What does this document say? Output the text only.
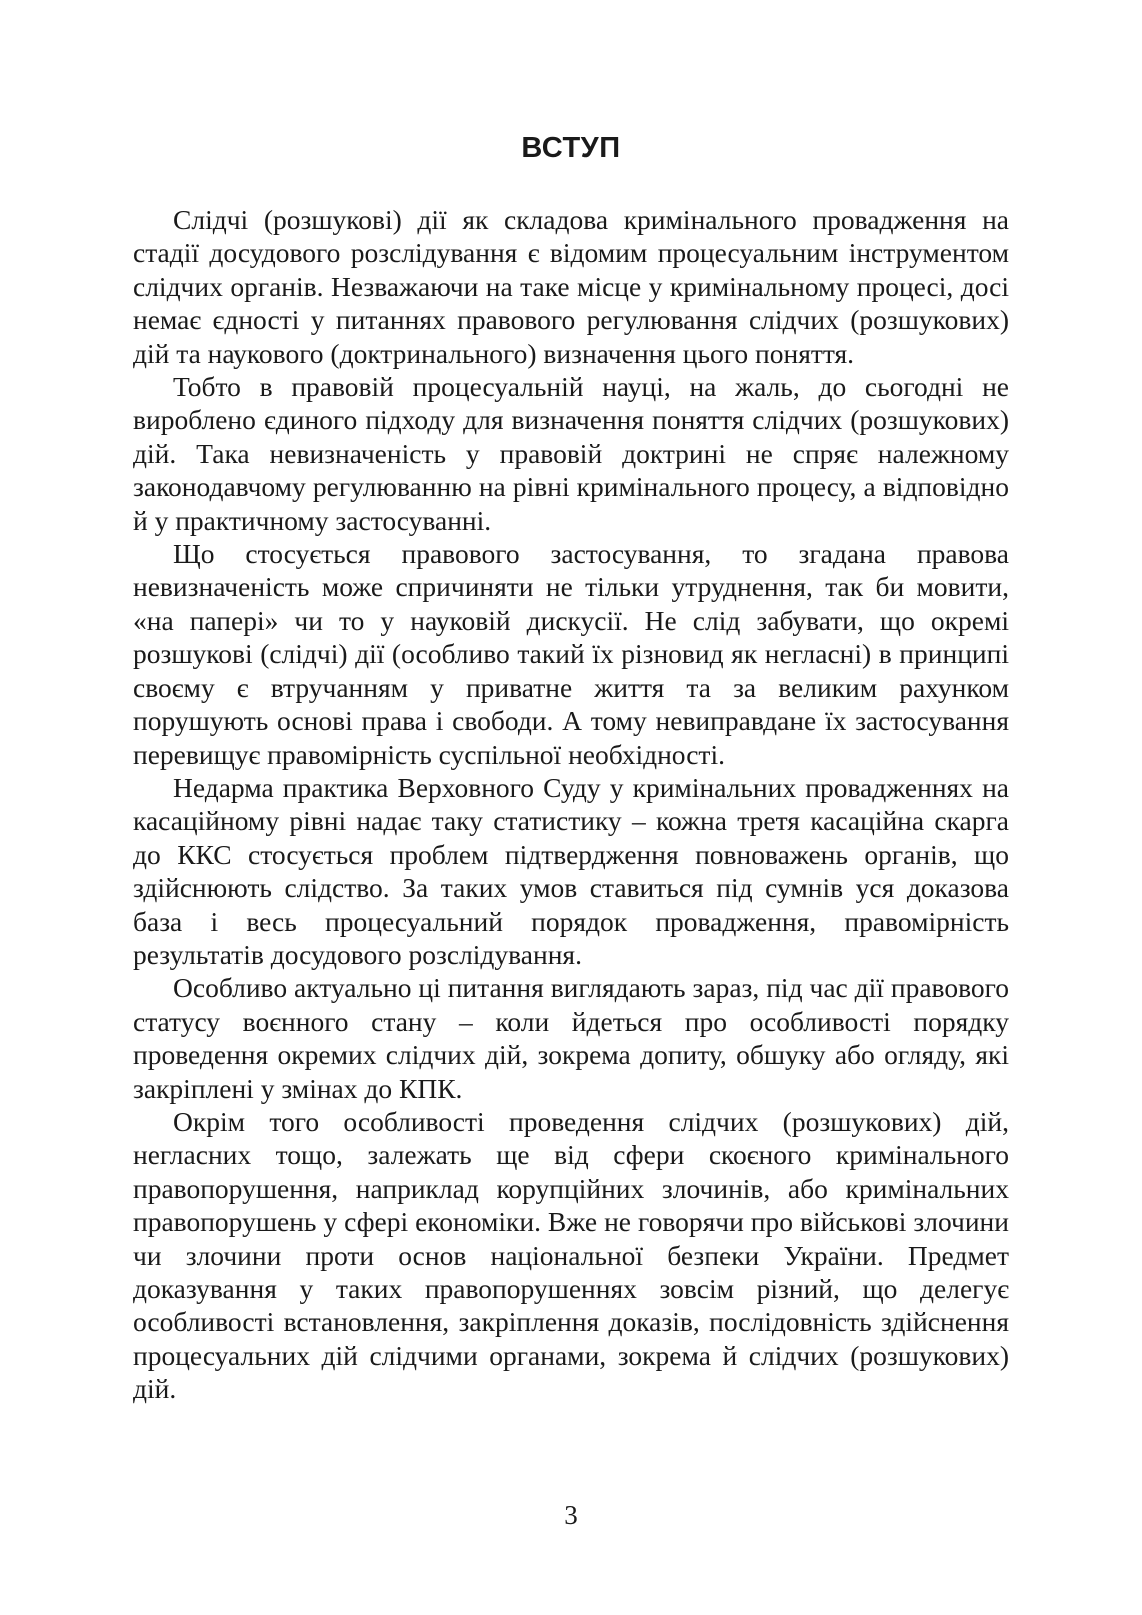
ВСТУП

Слідчі (розшукові) дії як складова кримінального провадження на стадії досудового розслідування є відомим процесуальним інструментом слідчих органів. Незважаючи на таке місце у кримінальному процесі, досі немає єдності у питаннях правового регулювання слідчих (розшукових) дій та наукового (доктринального) визначення цього поняття.

Тобто в правовій процесуальній науці, на жаль, до сьогодні не вироблено єдиного підходу для визначення поняття слідчих (розшукових) дій. Така невизначеність у правовій доктрині не спряє належному законодавчому регулюванню на рівні кримінального процесу, а відповідно й у практичному застосуванні.

Що стосується правового застосування, то згадана правова невизначеність може спричиняти не тільки утруднення, так би мовити, «на папері» чи то у науковій дискусії. Не слід забувати, що окремі розшукові (слідчі) дії (особливо такий їх різновид як негласні) в принципі своєму є втручанням у приватне життя та за великим рахунком порушують основі права і свободи. А тому невиправдане їх застосування перевищує правомірність суспільної необхідності.

Недарма практика Верховного Суду у кримінальних провадженнях на касаційному рівні надає таку статистику – кожна третя касаційна скарга до ККС стосується проблем підтвердження повноважень органів, що здійснюють слідство. За таких умов ставиться під сумнів уся доказова база і весь процесуальний порядок провадження, правомірність результатів досудового розслідування.

Особливо актуально ці питання виглядають зараз, під час дії правового статусу воєнного стану – коли йдеться про особливості порядку проведення окремих слідчих дій, зокрема допиту, обшуку або огляду, які закріплені у змінах до КПК.

Окрім того особливості проведення слідчих (розшукових) дій, негласних тощо, залежать ще від сфери скоєного кримінального правопорушення, наприклад корупційних злочинів, або кримінальних правопорушень у сфері економіки. Вже не говорячи про військові злочини чи злочини проти основ національної безпеки України. Предмет доказування у таких правопорушеннях зовсім різний, що делегує особливості встановлення, закріплення доказів, послідовність здійснення процесуальних дій слідчими органами, зокрема й слідчих (розшукових) дій.

3
